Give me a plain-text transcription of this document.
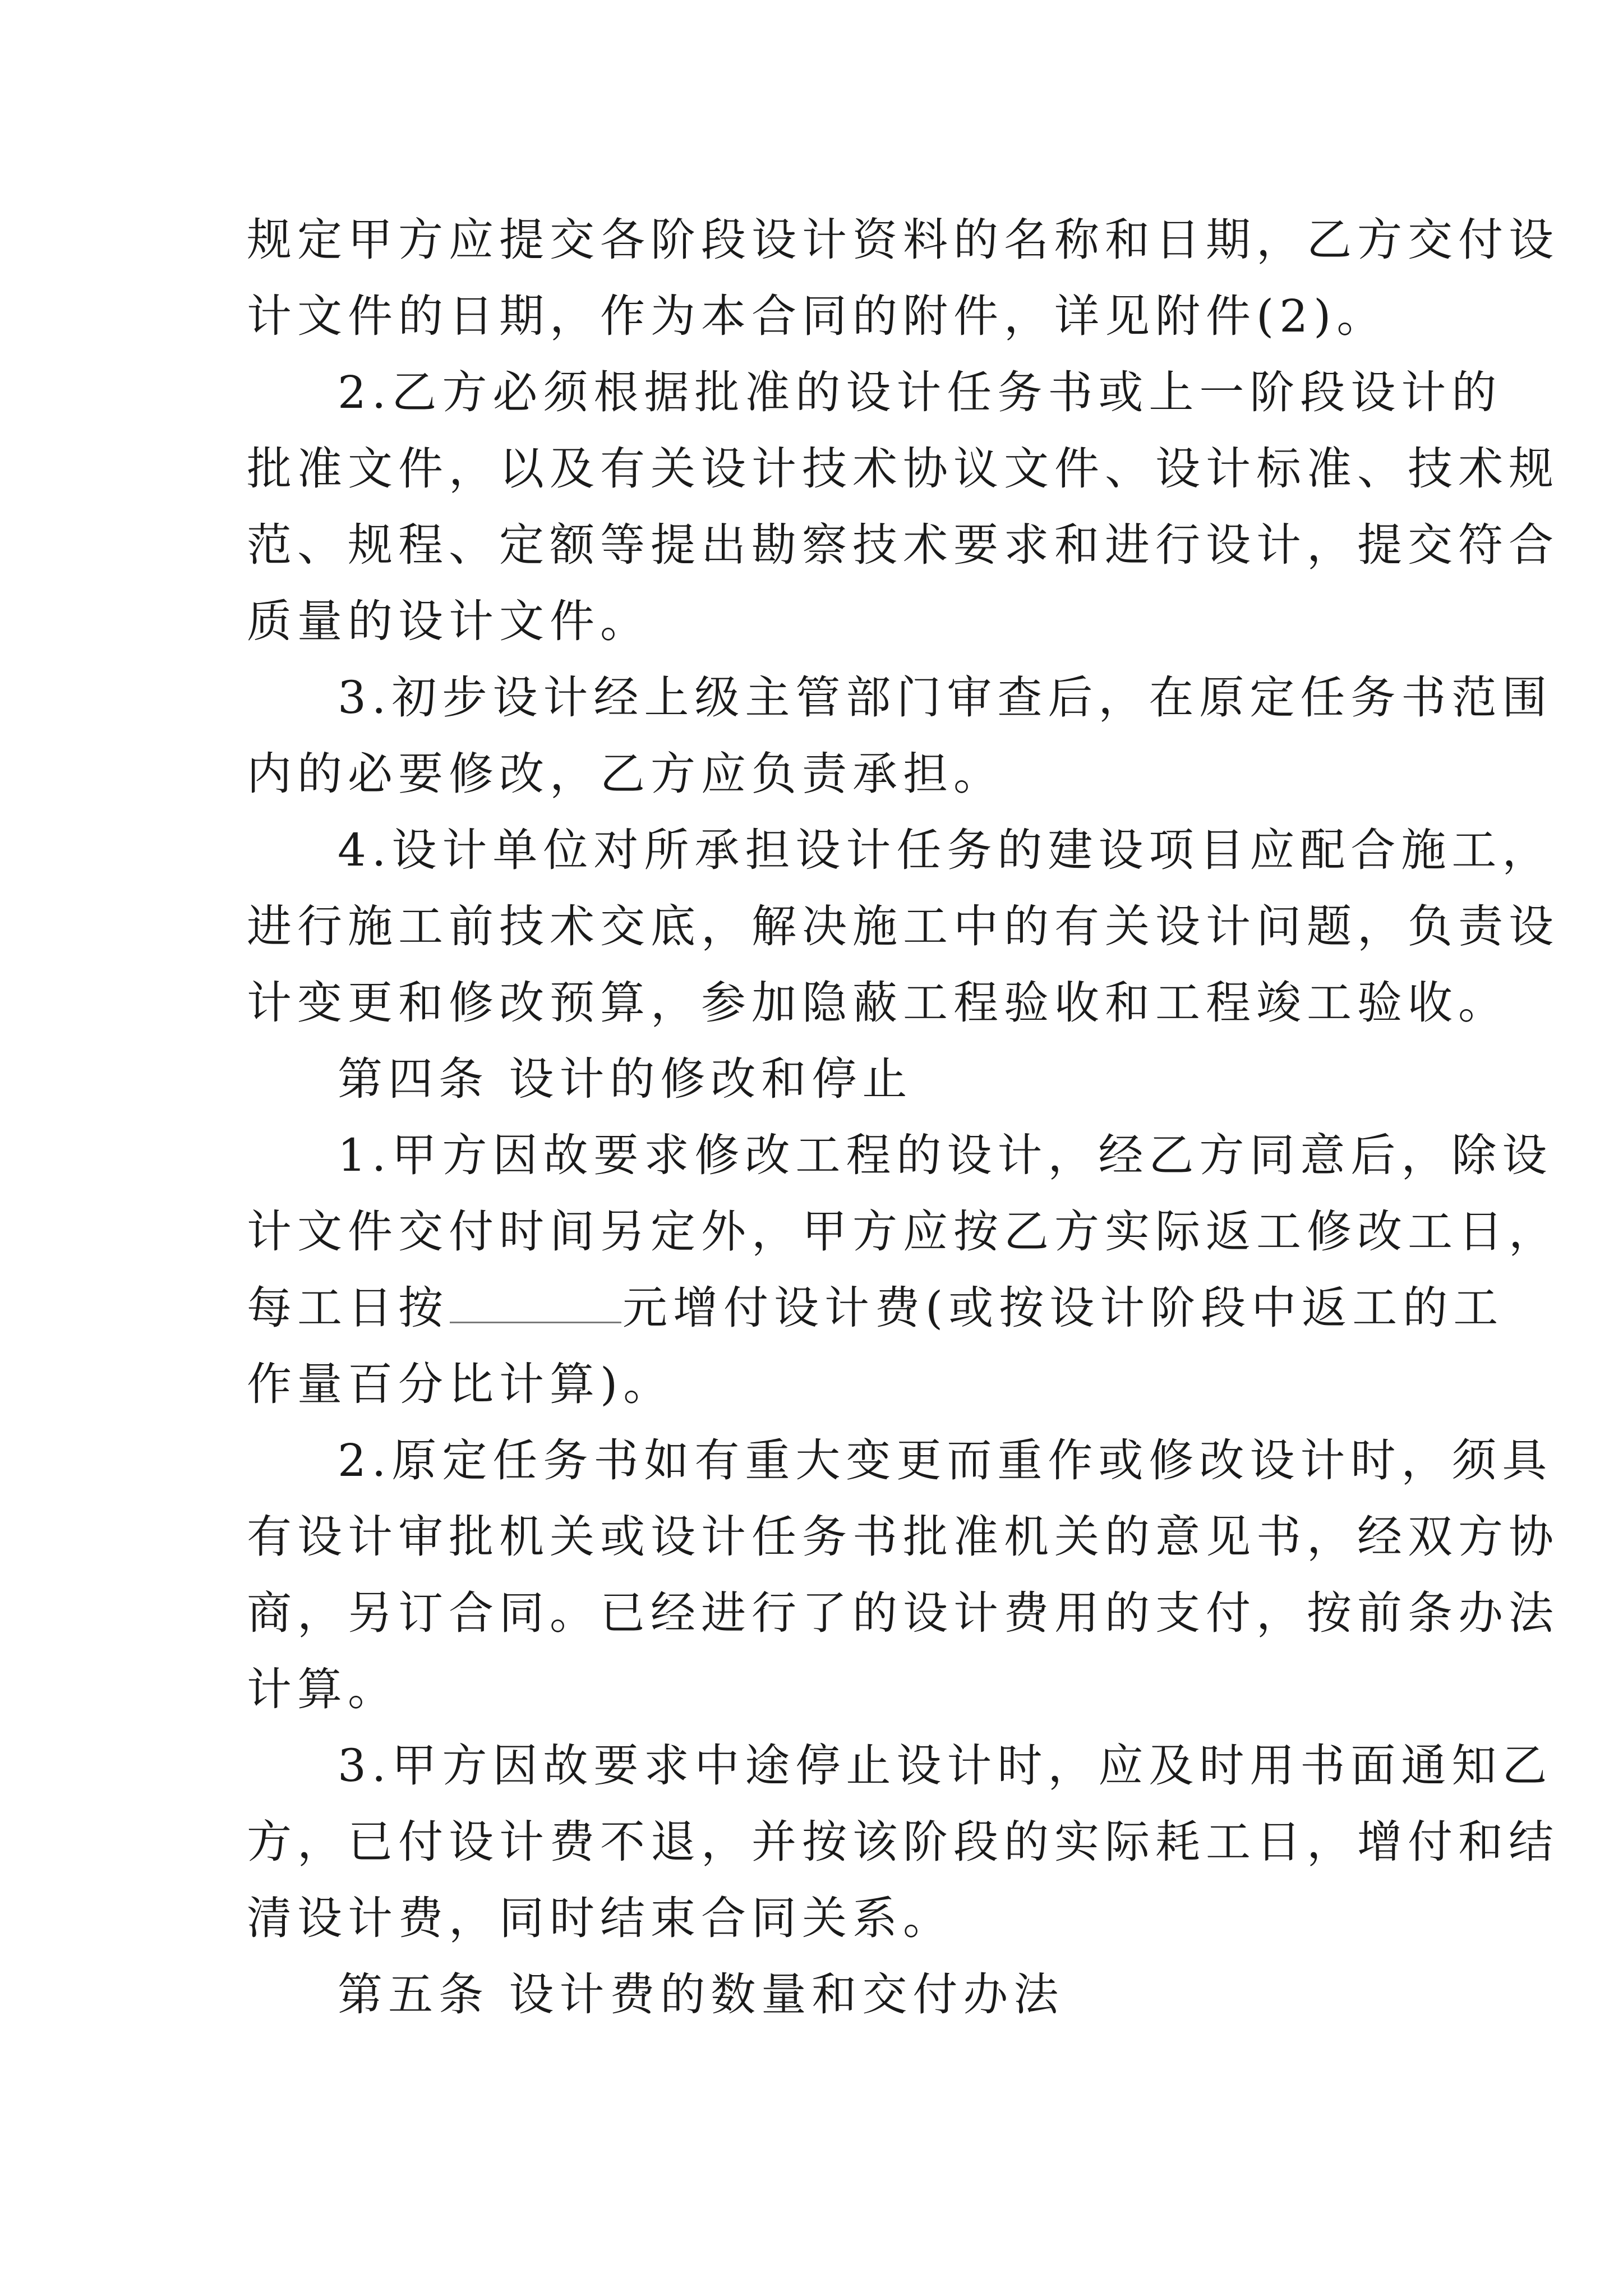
规定甲方应提交各阶段设计资料的名称和日期，乙方交付设
计文件的日期，作为本合同的附件，详见附件(2)。
2.乙方必须根据批准的设计任务书或上一阶段设计的
批准文件，以及有关设计技术协议文件、设计标准、技术规
范、规程、定额等提出勘察技术要求和进行设计，提交符合
质量的设计文件。
3.初步设计经上级主管部门审查后，在原定任务书范围
内的必要修改，乙方应负责承担。
4.设计单位对所承担设计任务的建设项目应配合施工，
进行施工前技术交底，解决施工中的有关设计问题，负责设
计变更和修改预算，参加隐蔽工程验收和工程竣工验收。
第四条 设计的修改和停止
1.甲方因故要求修改工程的设计，经乙方同意后，除设
计文件交付时间另定外，甲方应按乙方实际返工修改工日，
每工日按	元增付设计费(或按设计阶段中返工的工
作量百分比计算)。
2.原定任务书如有重大变更而重作或修改设计时，须具
有设计审批机关或设计任务书批准机关的意见书，经双方协
商，另订合同。已经进行了的设计费用的支付，按前条办法
计算。
3.甲方因故要求中途停止设计时，应及时用书面通知乙
方，已付设计费不退，并按该阶段的实际耗工日，增付和结
清设计费，同时结束合同关系。
第五条 设计费的数量和交付办法
